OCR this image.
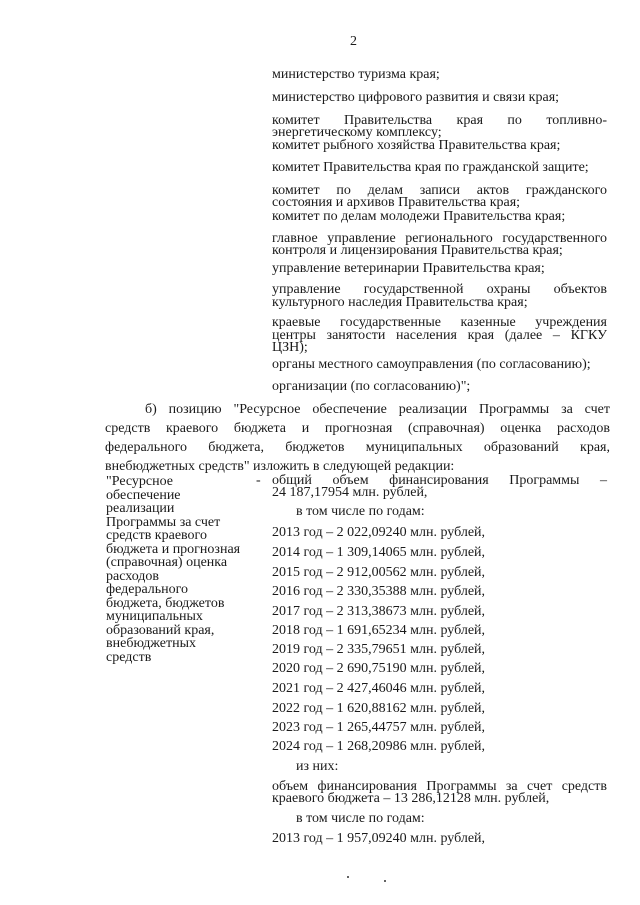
2
министерство туризма края;
министерство цифрового развития и связи края;
комитет Правительства края по топливно-
энергетическому комплексу;
комитет рыбного хозяйства Правительства края;
комитет Правительства края по гражданской защите;
комитет по делам записи актов гражданского
состояния и архивов Правительства края;
комитет по делам молодежи Правительства края;
главное управление регионального государственного
контроля и лицензирования Правительства края;
управление ветеринарии Правительства края;
управление государственной охраны объектов
культурного наследия Правительства края;
краевые государственные казенные учреждения
центры занятости населения края (далее – КГКУ
ЦЗН);
органы местного самоуправления (по согласованию);
организации (по согласованию)";
б) позицию "Ресурсное обеспечение реализации Программы за счет
средств краевого бюджета и прогнозная (справочная) оценка расходов
федерального бюджета, бюджетов муниципальных образований края,
внебюджетных средств" изложить в следующей редакции:
"Ресурсное
обеспечение
реализации
Программы за счет
средств краевого
бюджета и прогнозная
(справочная) оценка
расходов
федерального
бюджета, бюджетов
муниципальных
образований края,
внебюджетных
средств
- общий объем финансирования Программы –
24 187,17954 млн. рублей,
в том числе по годам:
2013 год – 2 022,09240 млн. рублей,
2014 год – 1 309,14065 млн. рублей,
2015 год – 2 912,00562 млн. рублей,
2016 год – 2 330,35388 млн. рублей,
2017 год – 2 313,38673 млн. рублей,
2018 год – 1 691,65234 млн. рублей,
2019 год – 2 335,79651 млн. рублей,
2020 год – 2 690,75190 млн. рублей,
2021 год – 2 427,46046 млн. рублей,
2022 год – 1 620,88162 млн. рублей,
2023 год – 1 265,44757 млн. рублей,
2024 год – 1 268,20986 млн. рублей,
из них:
объем финансирования Программы за счет средств
краевого бюджета – 13 286,12128 млн. рублей,
в том числе по годам:
2013 год – 1 957,09240 млн. рублей,
